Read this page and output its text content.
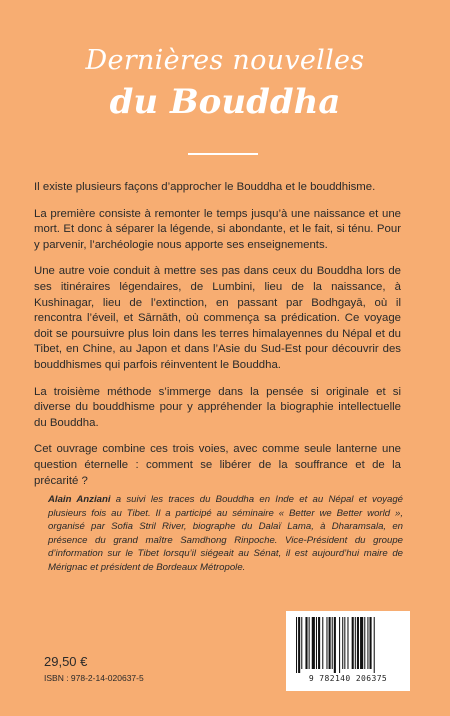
Dernières nouvelles
du Bouddha

Il existe plusieurs façons d’approcher le Bouddha et le bouddhisme.

La première consiste à remonter le temps jusqu’à une naissance et une mort. Et donc à séparer la légende, si abondante, et le fait, si ténu. Pour y parvenir, l’archéologie nous apporte ses enseignements.

Une autre voie conduit à mettre ses pas dans ceux du Bouddha lors de ses itinéraires légendaires, de Lumbini, lieu de la naissance, à Kushinagar, lieu de l’extinction, en passant par Bodhgayā, où il rencontra l’éveil, et Sārnāth, où commença sa prédication. Ce voyage doit se poursuivre plus loin dans les terres himalayennes du Népal et du Tibet, en Chine, au Japon et dans l’Asie du Sud-Est pour découvrir des bouddhismes qui parfois réinventent le Bouddha.

La troisième méthode s’immerge dans la pensée si originale et si diverse du bouddhisme pour y appréhender la biographie intellectuelle du Bouddha.

Cet ouvrage combine ces trois voies, avec comme seule lanterne une question éternelle : comment se libérer de la souffrance et de la précarité ?

Alain Anziani a suivi les traces du Bouddha en Inde et au Népal et voyagé plusieurs fois au Tibet. Il a participé au séminaire « Better we Better world », organisé par Sofia Stril River, biographe du Dalaï Lama, à Dharamsala, en présence du grand maître Samdhong Rinpoche. Vice-Président du groupe d’information sur le Tibet lorsqu’il siégeait au Sénat, il est aujourd’hui maire de Mérignac et président de Bordeaux Métropole.
29,50 €
ISBN : 978-2-14-020637-5	9 782140 206375
